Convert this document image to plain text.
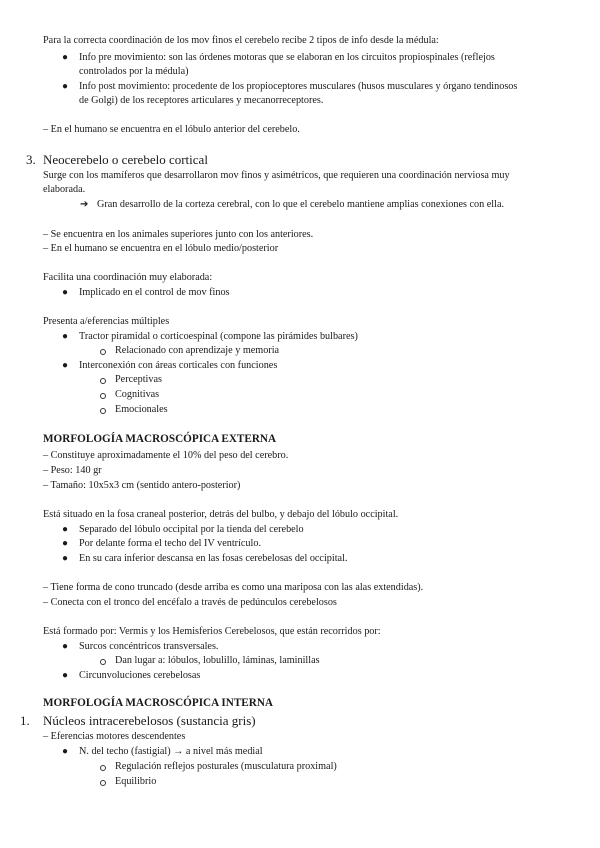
Para la correcta coordinación de los mov finos el cerebelo recibe 2 tipos de info desde la médula:
● Info pre movimiento: son las órdenes motoras que se elaboran en los circuitos propiospinales (reflejos
controlados por la médula)
● Info post movimiento: procedente de los propioceptores musculares (husos musculares y órgano tendinosos
de Golgi) de los receptores articulares y mecanorreceptores.
– En el humano se encuentra en el lóbulo anterior del cerebelo.
3. Neocerebelo o cerebelo cortical
Surge con los mamíferos que desarrollaron mov finos y asimétricos, que requieren una coordinación nerviosa muy
elaborada.
➔ Gran desarrollo de la corteza cerebral, con lo que el cerebelo mantiene amplias conexiones con ella.
– Se encuentra en los animales superiores junto con los anteriores.
– En el humano se encuentra en el lóbulo medio/posterior
Facilita una coordinación muy elaborada:
● Implicado en el control de mov finos
Presenta a/eferencias múltiples
● Tractor piramidal o corticoespinal (compone las pirámides bulbares)
Relacionado con aprendizaje y memoria
● Interconexión con áreas corticales con funciones
Perceptivas
Cognitivas
Emocionales
MORFOLOGÍA MACROSCÓPICA EXTERNA
– Constituye aproximadamente el 10% del peso del cerebro.
– Peso: 140 gr
– Tamaño: 10x5x3 cm (sentido antero-posterior)
Está situado en la fosa craneal posterior, detrás del bulbo, y debajo del lóbulo occipital.
● Separado del lóbulo occipital por la tienda del cerebelo
● Por delante forma el techo del IV ventrículo.
● En su cara inferior descansa en las fosas cerebelosas del occipital.
– Tiene forma de cono truncado (desde arriba es como una mariposa con las alas extendidas).
– Conecta con el tronco del encéfalo a través de pedúnculos cerebelosos
Está formado por: Vermis y los Hemisferios Cerebelosos, que están recorridos por:
● Surcos concéntricos transversales.
Dan lugar a: lóbulos, lobulillo, láminas, laminillas
● Circunvoluciones cerebelosas
MORFOLOGÍA MACROSCÓPICA INTERNA
1. Núcleos intracerebelosos (sustancia gris)
– Eferencias motores descendentes
● N. del techo (fastigial) → a nivel más medial
Regulación reflejos posturales (musculatura proximal)
Equilibrio
